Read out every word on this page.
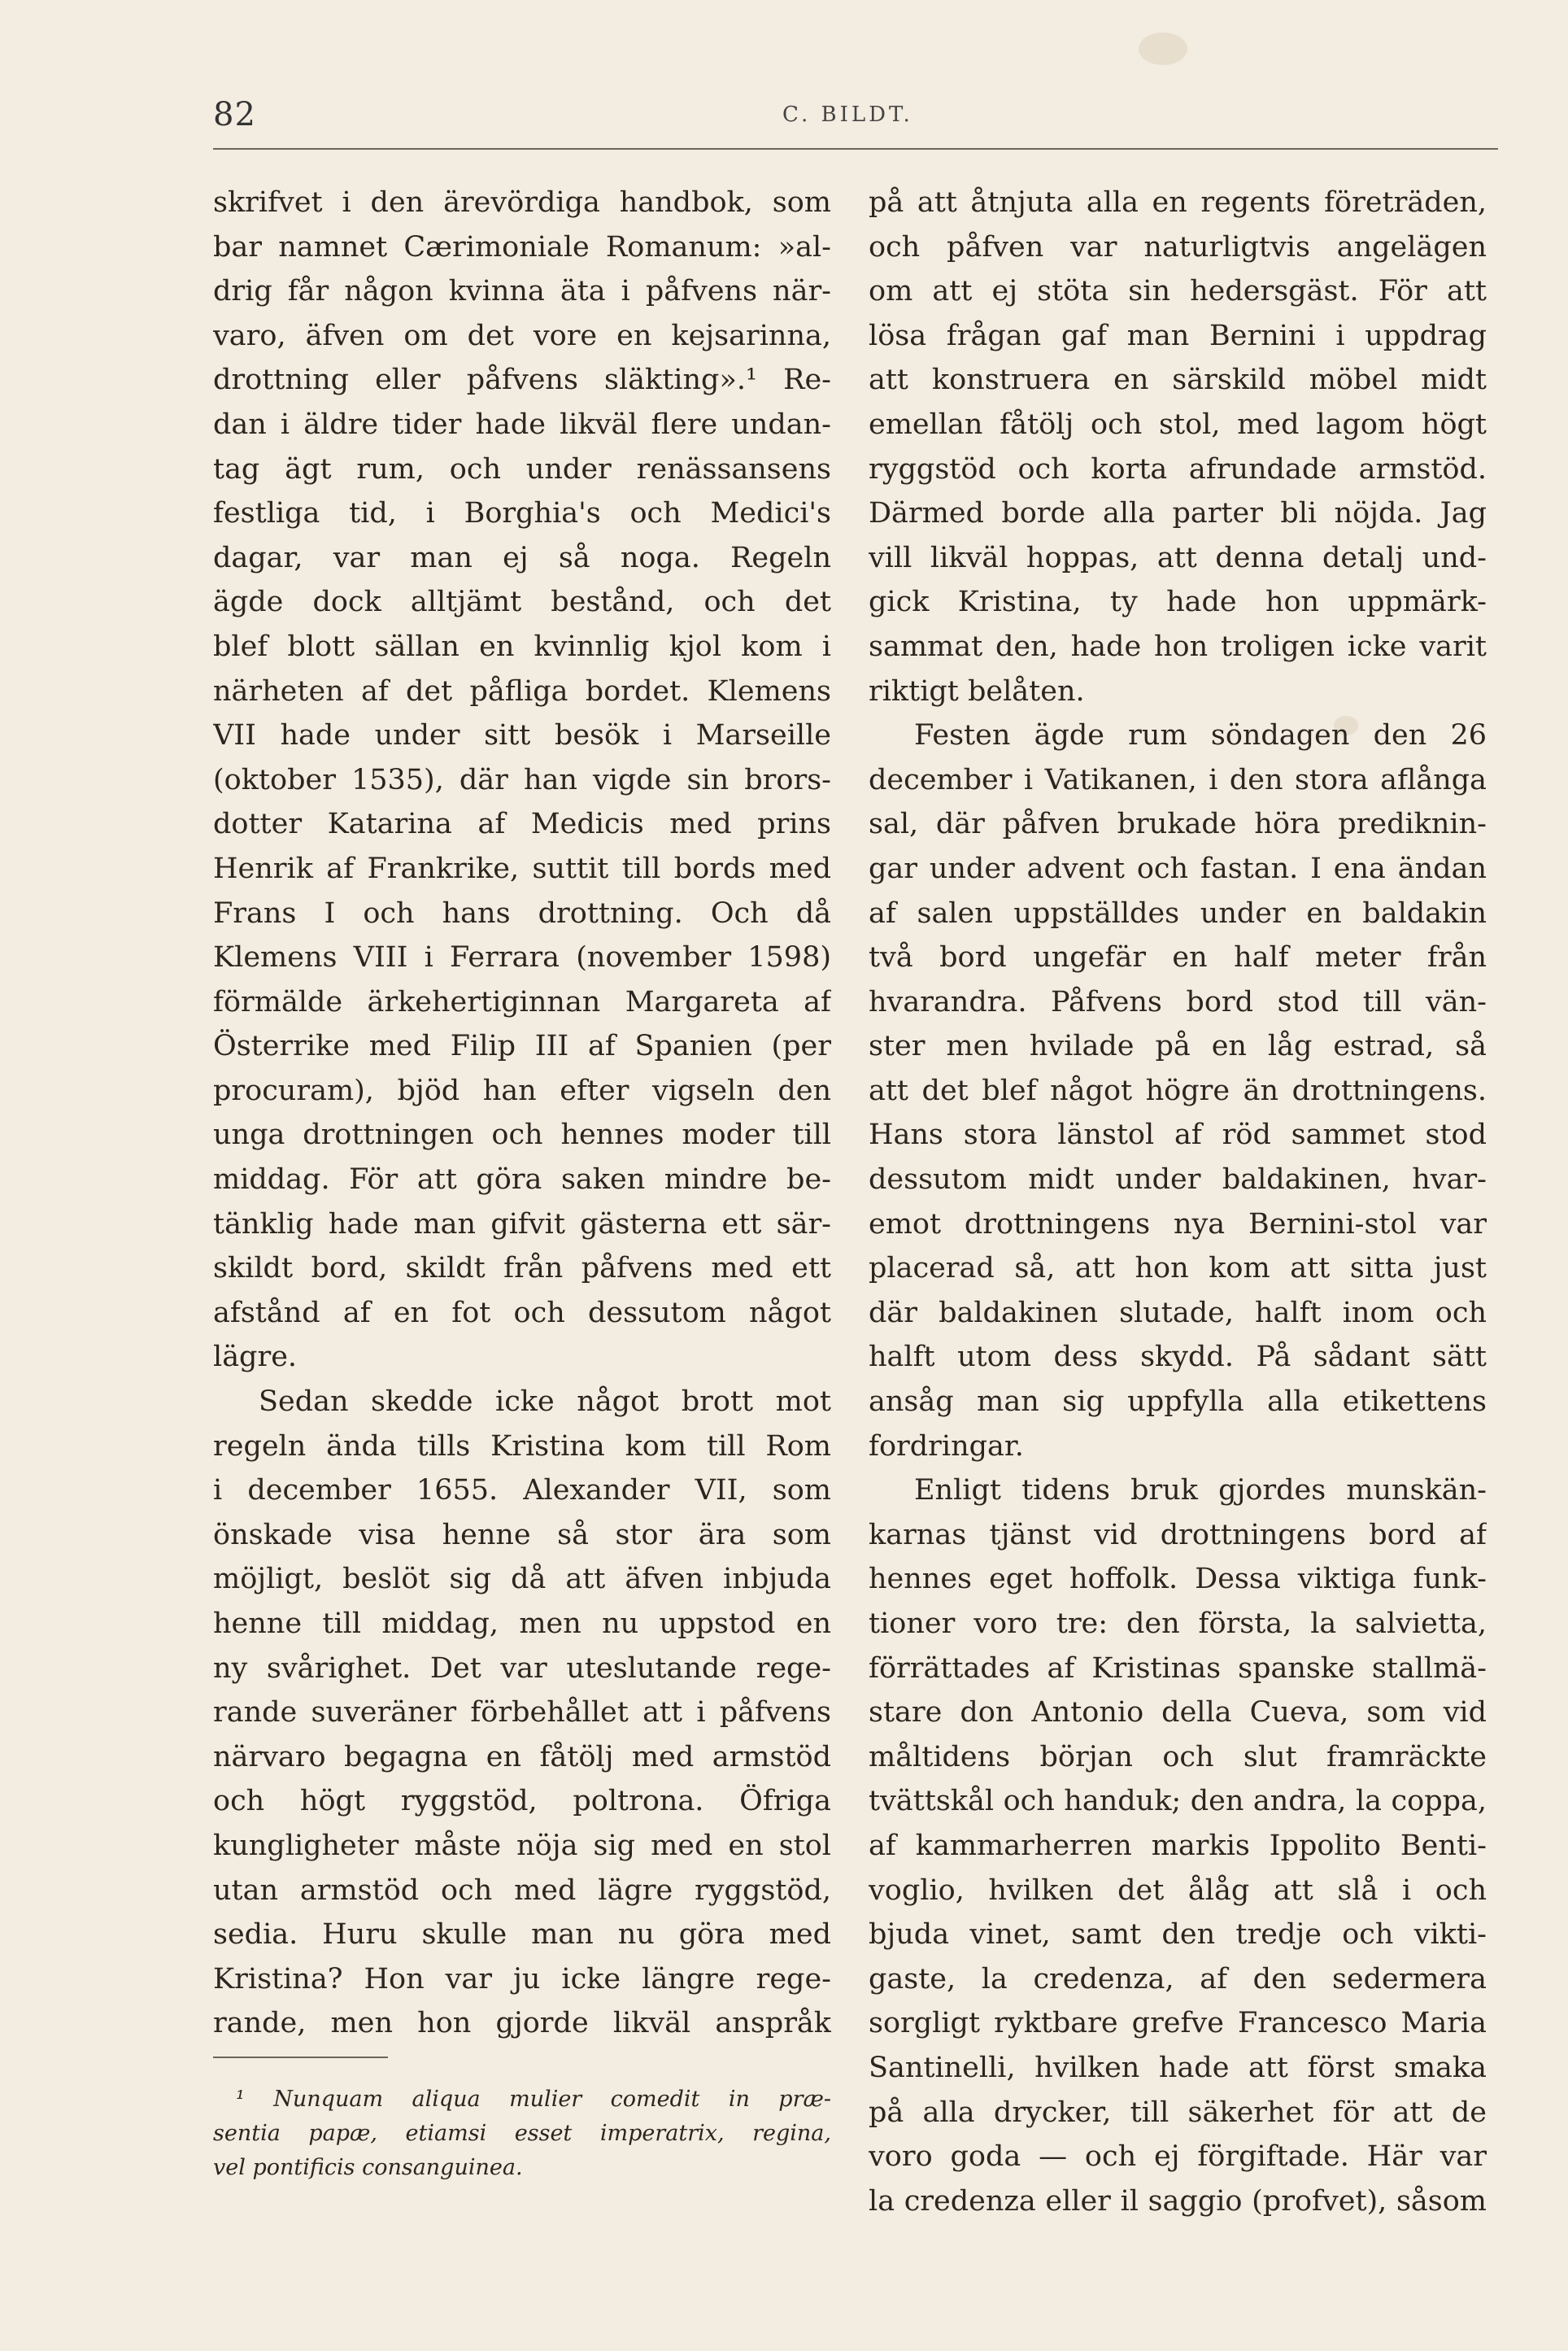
82	C. BILDT.
skrifvet i den ärevördiga handbok, som
bar namnet Cærimoniale Romanum: »al-
drig får någon kvinna äta i påfvens när-
varo, äfven om det vore en kejsarinna,
drottning eller påfvens släkting».¹ Re-
dan i äldre tider hade likväl flere undan-
tag ägt rum, och under renässansens
festliga tid, i Borghia's och Medici's
dagar, var man ej så noga. Regeln
ägde dock alltjämt bestånd, och det
blef blott sällan en kvinnlig kjol kom i
närheten af det påfliga bordet. Klemens
VII hade under sitt besök i Marseille
(oktober 1535), där han vigde sin brors-
dotter Katarina af Medicis med prins
Henrik af Frankrike, suttit till bords med
Frans I och hans drottning. Och då
Klemens VIII i Ferrara (november 1598)
förmälde ärkehertiginnan Margareta af
Österrike med Filip III af Spanien (per
procuram), bjöd han efter vigseln den
unga drottningen och hennes moder till
middag. För att göra saken mindre be-
tänklig hade man gifvit gästerna ett sär-
skildt bord, skildt från påfvens med ett
afstånd af en fot och dessutom något
lägre.
Sedan skedde icke något brott mot
regeln ända tills Kristina kom till Rom
i december 1655. Alexander VII, som
önskade visa henne så stor ära som
möjligt, beslöt sig då att äfven inbjuda
henne till middag, men nu uppstod en
ny svårighet. Det var uteslutande rege-
rande suveräner förbehållet att i påfvens
närvaro begagna en fåtölj med armstöd
och högt ryggstöd, poltrona. Öfriga
kungligheter måste nöja sig med en stol
utan armstöd och med lägre ryggstöd,
sedia. Huru skulle man nu göra med
Kristina? Hon var ju icke längre rege-
rande, men hon gjorde likväl anspråk
på att åtnjuta alla en regents företräden,
och påfven var naturligtvis angelägen
om att ej stöta sin hedersgäst. För att
lösa frågan gaf man Bernini i uppdrag
att konstruera en särskild möbel midt
emellan fåtölj och stol, med lagom högt
ryggstöd och korta afrundade armstöd.
Därmed borde alla parter bli nöjda. Jag
vill likväl hoppas, att denna detalj und-
gick Kristina, ty hade hon uppmärk-
sammat den, hade hon troligen icke varit
riktigt belåten.
Festen ägde rum söndagen den 26
december i Vatikanen, i den stora aflånga
sal, där påfven brukade höra prediknin-
gar under advent och fastan. I ena ändan
af salen uppställdes under en baldakin
två bord ungefär en half meter från
hvarandra. Påfvens bord stod till vän-
ster men hvilade på en låg estrad, så
att det blef något högre än drottningens.
Hans stora länstol af röd sammet stod
dessutom midt under baldakinen, hvar-
emot drottningens nya Bernini-stol var
placerad så, att hon kom att sitta just
där baldakinen slutade, halft inom och
halft utom dess skydd. På sådant sätt
ansåg man sig uppfylla alla etikettens
fordringar.
Enligt tidens bruk gjordes munskän-
karnas tjänst vid drottningens bord af
hennes eget hoffolk. Dessa viktiga funk-
tioner voro tre: den första, la salvietta,
förrättades af Kristinas spanske stallmä-
stare don Antonio della Cueva, som vid
måltidens början och slut framräckte
tvättskål och handuk; den andra, la coppa,
af kammarherren markis Ippolito Benti-
voglio, hvilken det ålåg att slå i och
bjuda vinet, samt den tredje och vikti-
gaste, la credenza, af den sedermera
sorgligt ryktbare grefve Francesco Maria
Santinelli, hvilken hade att först smaka
på alla drycker, till säkerhet för att de
voro goda — och ej förgiftade. Här var
la credenza eller il saggio (profvet), såsom
¹ Nunquam aliqua mulier comedit in præ-
sentia papæ, etiamsi esset imperatrix, regina,
vel pontificis consanguinea.
